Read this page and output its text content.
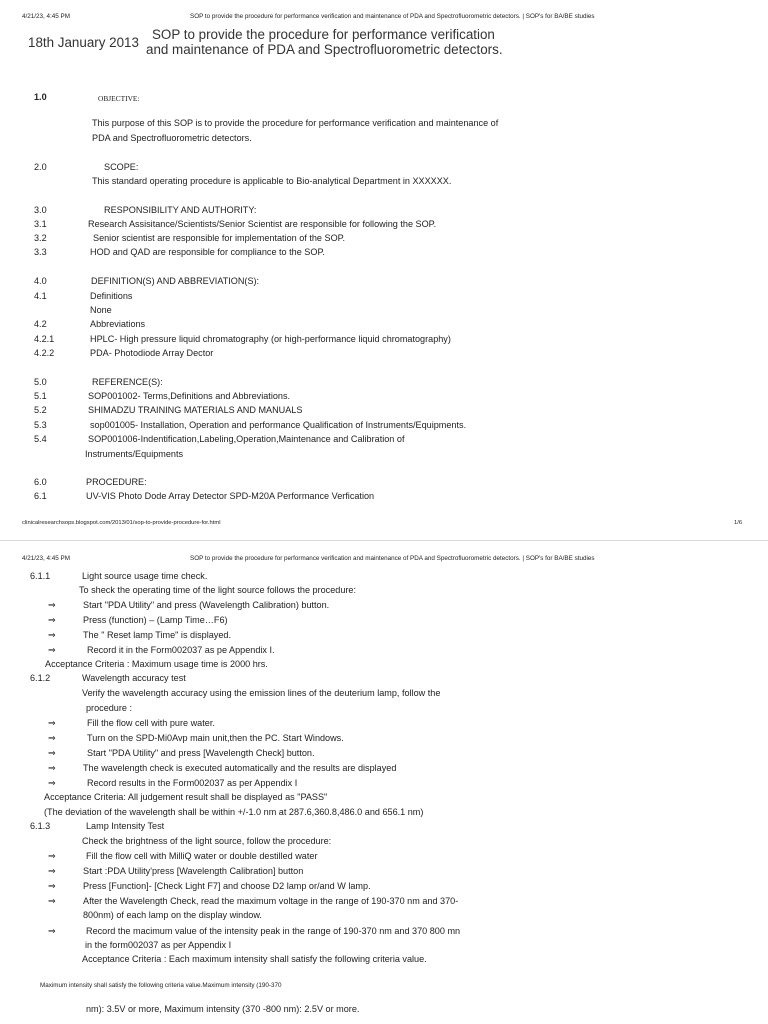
4/21/23, 4:45 PM	SOP to provide the procedure for performance verification and maintenance of PDA and Spectrofluorometric detectors. | SOP's for BA/BE studies
18th January 2013
SOP to provide the procedure for performance verification
and maintenance of PDA and Spectrofluorometric detectors.
1.0	OBJECTIVE:
This purpose of this SOP is to provide the procedure for performance verification and maintenance of
PDA and Spectrofluorometric detectors.
2.0	SCOPE:
This standard operating procedure is applicable to Bio-analytical Department in XXXXXX.
3.0	RESPONSIBILITY AND AUTHORITY:
3.1	Research Assisitance/Scientists/Senior Scientist are responsible for following the SOP.
3.2	Senior scientist are responsible for implementation of the SOP.
3.3	HOD and QAD are responsible for compliance to the SOP.
4.0	DEFINITION(S) AND ABBREVIATION(S):
4.1	Definitions
None
4.2	Abbreviations
4.2.1	HPLC- High pressure liquid chromatography (or high-performance liquid chromatography)
4.2.2	PDA- Photodiode Array Dector
5.0	REFERENCE(S):
5.1	SOP001002- Terms,Definitions and Abbreviations.
5.2	SHIMADZU TRAINING MATERIALS AND MANUALS
5.3	sop001005- Installation, Operation and performance Qualification of Instruments/Equipments.
5.4	SOP001006-Indentification,Labeling,Operation,Maintenance and Calibration of
Instruments/Equipments
6.0	PROCEDURE:
6.1	UV-VIS Photo Dode Array Detector SPD-M20A Performance Verfication
clinicalresearchsops.blogspot.com/2013/01/sop-to-provide-procedure-for.html	1/6
4/21/23, 4:45 PM	SOP to provide the procedure for performance verification and maintenance of PDA and Spectrofluorometric detectors. | SOP's for BA/BE studies
6.1.1	Light source usage time check.
To sheck the operating time of the light source follows the procedure:
⇒	Start "PDA Utility" and press (Wavelength Calibration) button.
⇒	Press (function) – (Lamp Time…F6)
⇒	The " Reset lamp Time" is displayed.
⇒	Record it in the Form002037 as pe Appendix I.
Acceptance Criteria : Maximum usage time is 2000 hrs.
6.1.2	Wavelength accuracy test
Verify the wavelength accuracy using the emission lines of the deuterium lamp, follow the
procedure :
⇒	Fill the flow cell with pure water.
⇒	Turn on the SPD-Mi0Avp main unit,then the PC. Start Windows.
⇒	Start "PDA Utility" and press [Wavelength Check] button.
⇒	The wavelength check is executed automatically and the results are displayed
⇒	Record results in the Form002037 as per Appendix I
Acceptance Criteria: All judgement result shall be displayed as "PASS"
(The deviation of the wavelength shall be within +/-1.0 nm at 287.6,360.8,486.0 and 656.1 nm)
6.1.3	Lamp Intensity Test
Check the brightness of the light source, follow the procedure:
⇒	Fill the flow cell with MilliQ water or double destilled water
⇒	Start :PDA Utility'press [Wavelength Calibration] button
⇒	Press [Function]- [Check Light F7] and choose D2 lamp or/and W lamp.
⇒	After the Wavelength Check, read the maximum voltage in the range of 190-370 nm and 370-
800nm) of each lamp on the display window.
⇒	Record the macimum value of the intensity peak in the range of 190-370 nm and 370 800 mn
in the form002037 as per Appendix I
Acceptance Criteria : Each maximum intensity shall satisfy the following criteria value.
Maximum intensity shall satisfy the following criteria value.Maximum intensity (190-370
nm): 3.5V or more, Maximum intensity (370 -800 nm): 2.5V or more.
